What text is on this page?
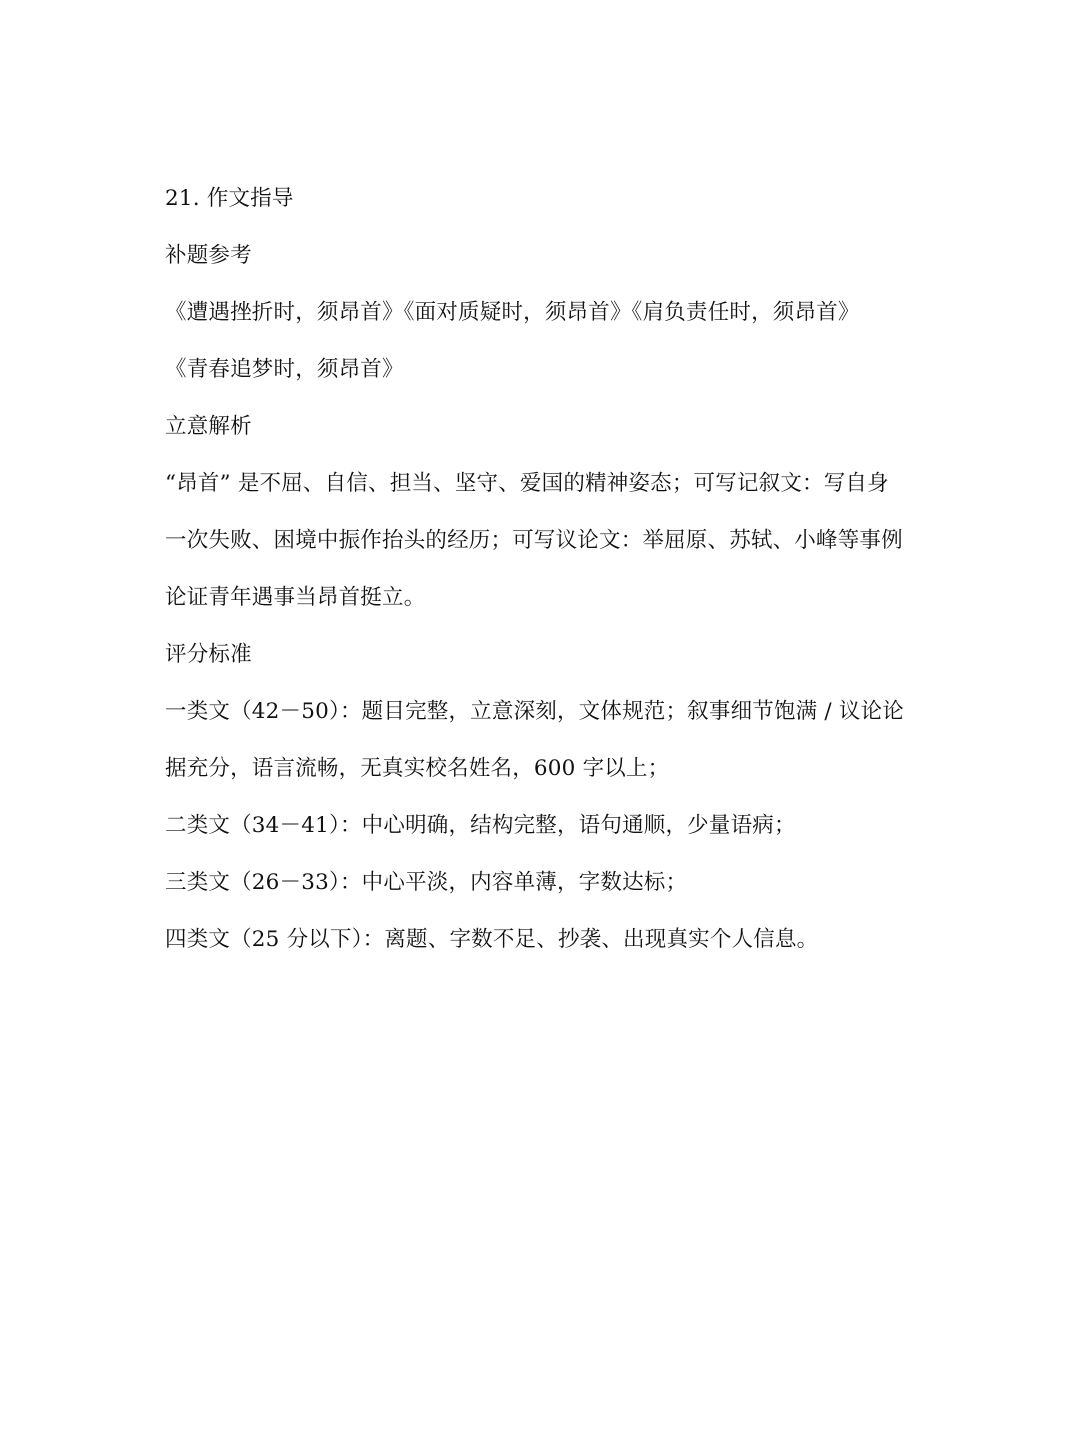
21. 作文指导
补题参考
《遭遇挫折时，须昂首》《面对质疑时，须昂首》《肩负责任时，须昂首》
《青春追梦时，须昂首》
立意解析
“昂首” 是不屈、自信、担当、坚守、爱国的精神姿态；可写记叙文：写自身
一次失败、困境中振作抬头的经历；可写议论文：举屈原、苏轼、小峰等事例
论证青年遇事当昂首挺立。
评分标准
一类文（42－50）：题目完整，立意深刻，文体规范；叙事细节饱满 / 议论论
据充分，语言流畅，无真实校名姓名，600 字以上；
二类文（34－41）：中心明确，结构完整，语句通顺，少量语病；
三类文（26－33）：中心平淡，内容单薄，字数达标；
四类文（25 分以下）：离题、字数不足、抄袭、出现真实个人信息。
